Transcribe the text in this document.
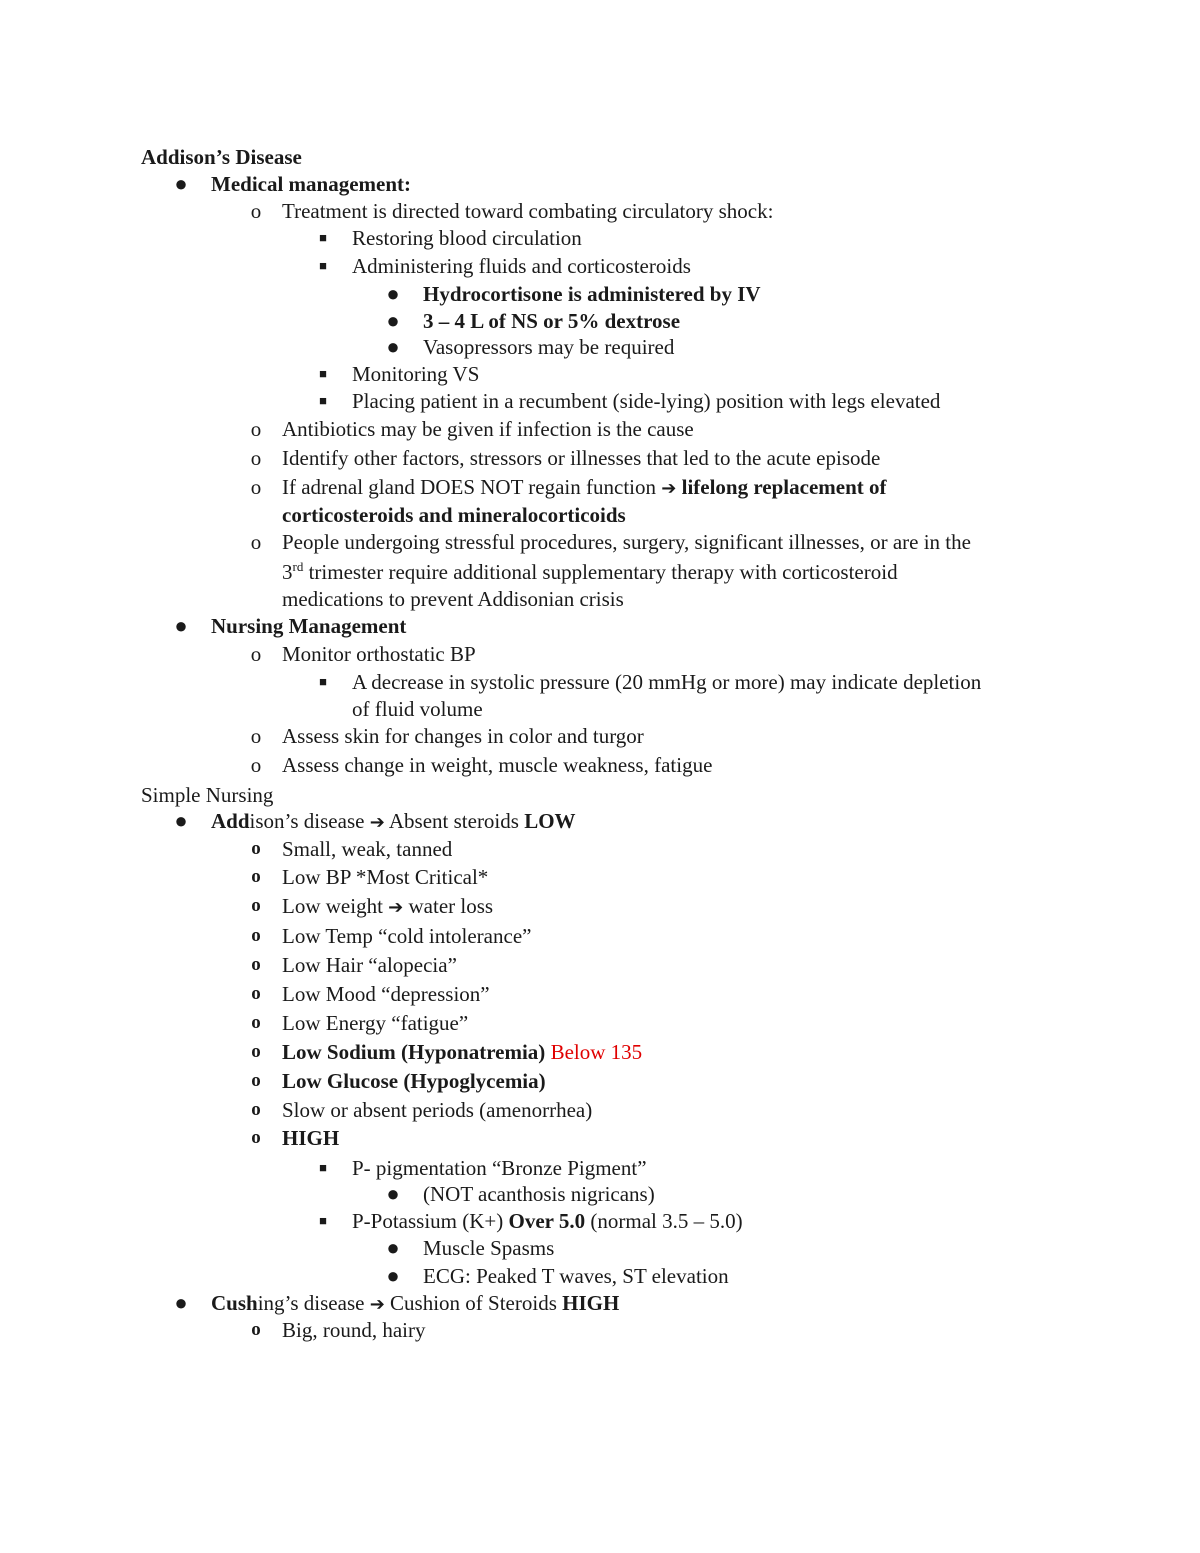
Addison’s Disease
● Medical management:
o Treatment is directed toward combating circulatory shock:
■	Restoring blood circulation
■	Administering fluids and corticosteroids
● Hydrocortisone is administered by IV
● 3 – 4 L of NS or 5% dextrose
● Vasopressors may be required
■	Monitoring VS
■	Placing patient in a recumbent (side-lying) position with legs elevated
o Antibiotics may be given if infection is the cause
o Identify other factors, stressors or illnesses that led to the acute episode
o If adrenal gland DOES NOT regain function ➔ lifelong replacement of
corticosteroids and mineralocorticoids
o People undergoing stressful procedures, surgery, significant illnesses, or are in the
3rd trimester require additional supplementary therapy with corticosteroid
medications to prevent Addisonian crisis
● Nursing Management
o Monitor orthostatic BP
■	A decrease in systolic pressure (20 mmHg or more) may indicate depletion
of fluid volume
o Assess skin for changes in color and turgor
o Assess change in weight, muscle weakness, fatigue
Simple Nursing
● Addison’s disease ➔ Absent steroids LOW
o Small, weak, tanned
o Low BP *Most Critical*
o Low weight ➔ water loss
o Low Temp “cold intolerance”
o Low Hair “alopecia”
o Low Mood “depression”
o Low Energy “fatigue”
o Low Sodium (Hyponatremia) Below 135
o Low Glucose (Hypoglycemia)
o Slow or absent periods (amenorrhea)
o HIGH
■	P- pigmentation “Bronze Pigment”
● (NOT acanthosis nigricans)
■	P-Potassium (K+) Over 5.0 (normal 3.5 – 5.0)
● Muscle Spasms
● ECG: Peaked T waves, ST elevation
● Cushing’s disease ➔ Cushion of Steroids HIGH
o Big, round, hairy
